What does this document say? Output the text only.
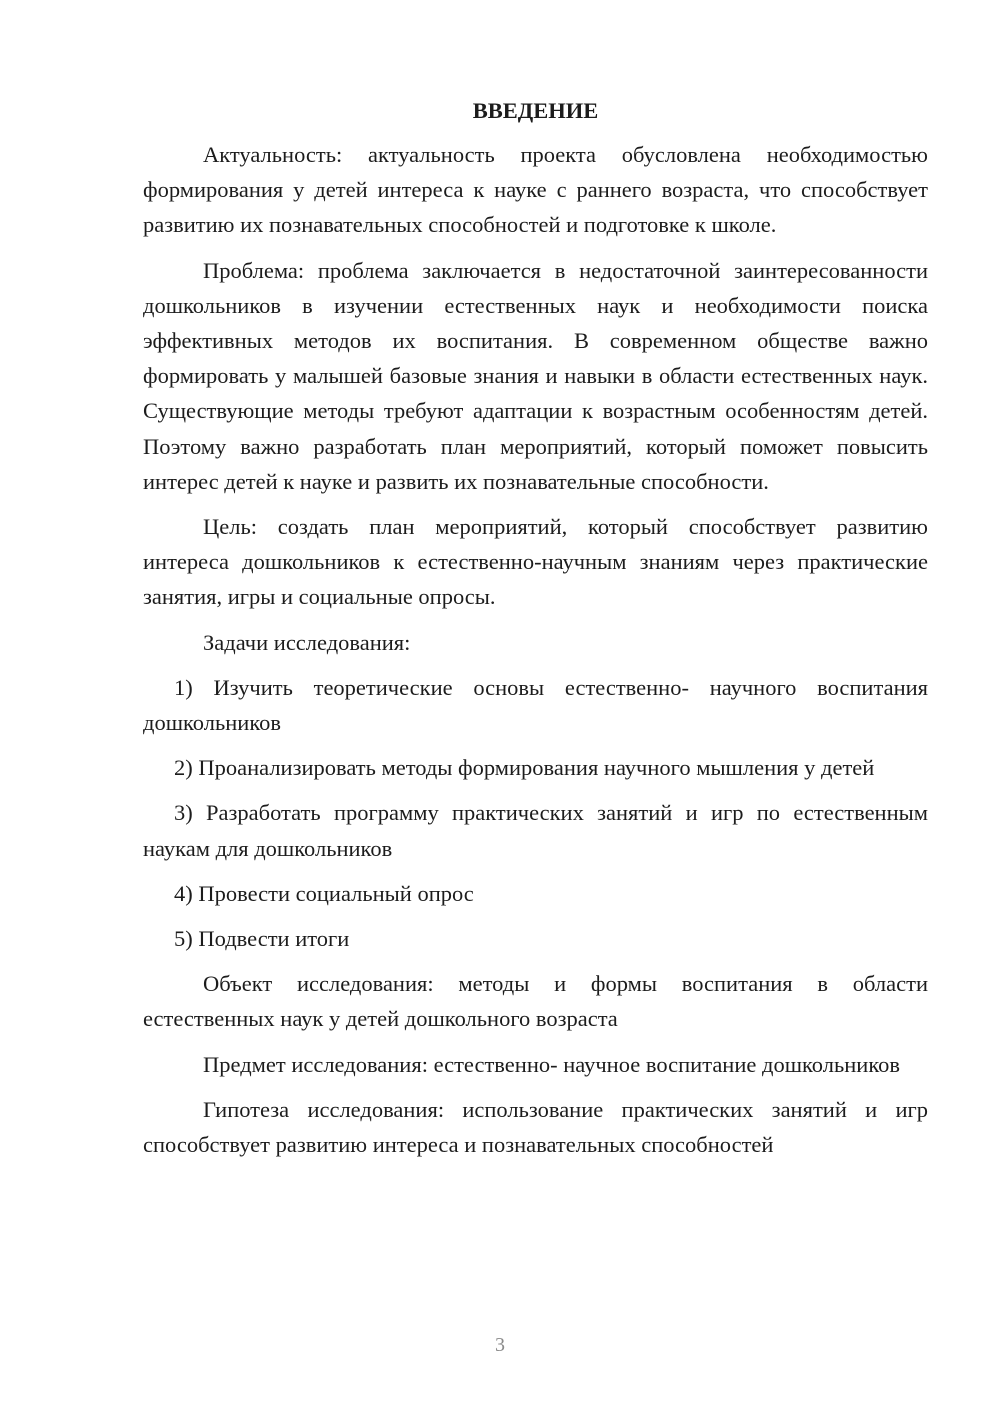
ВВЕДЕНИЕ

Актуальность: актуальность проекта обусловлена необходимостью формирования у детей интереса к науке с раннего возраста, что способствует развитию их познавательных способностей и подготовке к школе.

Проблема: проблема заключается в недостаточной заинтересованности дошкольников в изучении естественных наук и необходимости поиска эффективных методов их воспитания. В современном обществе важно формировать у малышей базовые знания и навыки в области естественных наук. Существующие методы требуют адаптации к возрастным особенностям детей. Поэтому важно разработать план мероприятий, который поможет повысить интерес детей к науке и развить их познавательные способности.

Цель: создать план мероприятий, который способствует развитию интереса дошкольников к естественно-научным знаниям через практические занятия, игры и социальные опросы.

Задачи исследования:

1) Изучить теоретические основы естественно- научного воспитания дошкольников

2) Проанализировать методы формирования научного мышления у детей

3) Разработать программу практических занятий и игр по естественным наукам для дошкольников

4) Провести социальный опрос

5) Подвести итоги

Объект исследования: методы и формы воспитания в области естественных наук у детей дошкольного возраста

Предмет исследования: естественно- научное воспитание дошкольников

Гипотеза исследования: использование практических занятий и игр способствует развитию интереса и познавательных способностей

3
